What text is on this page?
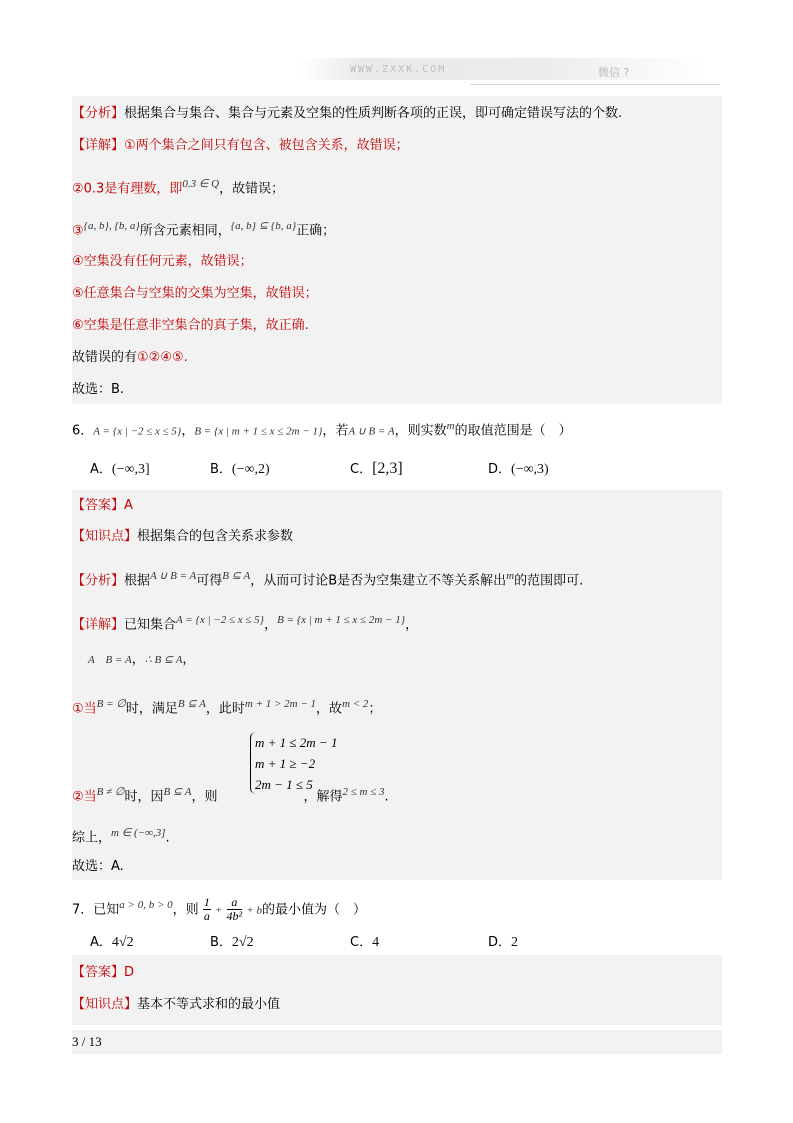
WWW.ZXXK.COM	微信 ?
【分析】根据集合与集合、集合与元素及空集的性质判断各项的正误，即可确定错误写法的个数.
【详解】①两个集合之间只有包含、被包含关系，故错误；
②0.3是有理数，即$^{0.3 \in Q}$，故错误；
③$^{\{a, b\}, \{b, a\}}$所含元素相同，$^{\{a, b\} ⊆ \{b, a\}}$正确；
④空集没有任何元素，故错误；
⑤任意集合与空集的交集为空集，故错误；
⑥空集是任意非空集合的真子集，故正确.
故错误的有①②④⑤.
故选：B.
6．A = {x | −2 ≤ x ≤ 5}，B = {x | m + 1 ≤ x ≤ 2m − 1}，若A ∪ B = A，则实数$^m$的取值范围是（　）
A．(−∞,3]	B．(−∞,2)	C．[2,3]	D．(−∞,3)
【答案】A
【知识点】根据集合的包含关系求参数
【分析】根据$^{A \cup B = A}$可得$^{B ⊆ A}$，从而可讨论B是否为空集建立不等关系解出$^m$的范围即可.
【详解】已知集合$^{A = \{x | -2 \le x \le 5\}}$，$^{B = \{x | m + 1 \le x \le 2m - 1\}}$，
A　B = A，∴ B ⊆ A，
①当$^{B = \emptyset}$时，满足$^{B ⊆ A}$，此时$^{m + 1 > 2m - 1}$，故$^{m < 2}$；
m + 1 ≤ 2m − 1
m + 1 ≥ −2
2m − 1 ≤ 5
②当$^{B \ne \emptyset}$时，因$^{B ⊆ A}$，则	，解得$^{2 \le m \le 3}$.
综上，$^{m \in (-\infty,3]}$.
故选：A.
7．已知$^{a > 0, b > 0}$，则 $\frac{1}{a} + \frac{a}{\text{4b²}} + b$的最小值为（　）
A．4√2	B．2√2	C．4	D．2
【答案】D
【知识点】基本不等式求和的最小值
3 / 13
